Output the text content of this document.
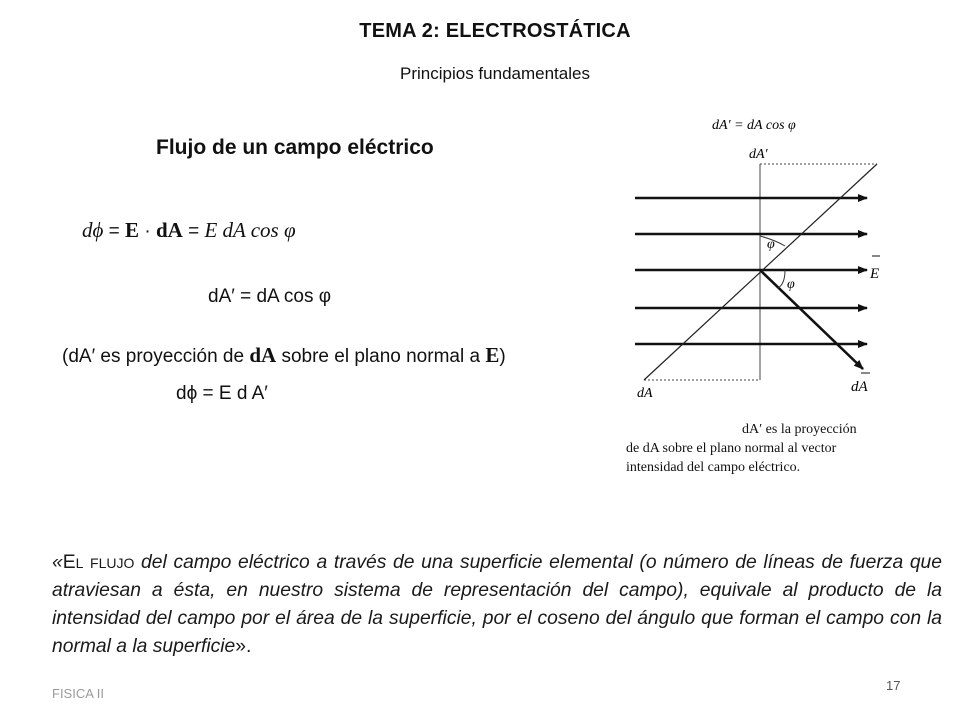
TEMA 2: ELECTROSTÁTICA
Principios fundamentales
Flujo de un campo eléctrico
dϕ = E · dA = E dA cos φ
dA′ = dA cos φ
(dA′ es proyección de dA sobre el plano normal a E)
dϕ = E d A′
dA′ = dA cos φ
dA′
φ
φ
E
dA	dA
dA′ es la proyección
de dA sobre el plano normal al vector
intensidad del campo eléctrico.
«El flujo del campo eléctrico a través de una superficie elemental (o número de líneas de fuerza que atraviesan a ésta, en nuestro sistema de representación del campo), equivale al producto de la intensidad del campo por el área de la superficie, por el coseno del ángulo que forman el campo con la normal a la superficie».
FISICA II
17
